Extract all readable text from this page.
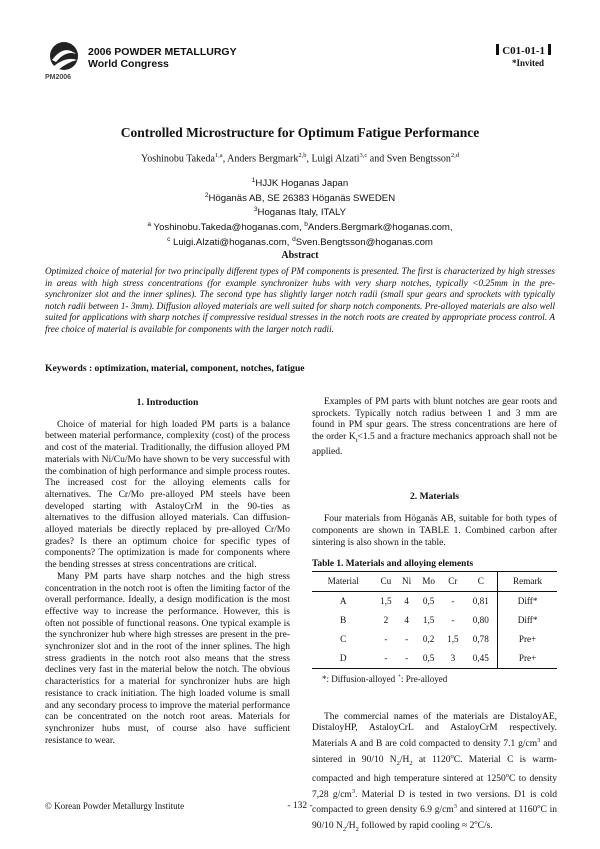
PM2006
2006 POWDER METALLURGY
World Congress
C01-01-1
*Invited
Controlled Microstructure for Optimum Fatigue Performance
Yoshinobu Takeda$^{1,a}$, Anders Bergmark$^{2,b}$, Luigi Alzati$^{3,c}$ and Sven Bengtsson$^{2,d}$
$^1$HJJK Hoganas Japan
$^2$Höganäs AB, SE 26383 Höganäs SWEDEN
$^3$Hoganas Italy, ITALY
$^a$ Yoshinobu.Takeda@hoganas.com, $^b$Anders.Bergmark@hoganas.com,
$^c$ Luigi.Alzati@hoganas.com, $^d$Sven.Bengtsson@hoganas.com
Abstract
Optimized choice of material for two principally different types of PM components is presented. The first is characterized by high stresses in areas with high stress concentrations (for example synchronizer hubs with very sharp notches, typically <0.25mm in the pre-synchronizer slot and the inner splines). The second type has slightly larger notch radii (small spur gears and sprockets with typically notch radii between 1- 3mm). Diffusion alloyed materials are well suited for sharp notch components. Pre-alloyed materials are also well suited for applications with sharp notches if compressive residual stresses in the notch roots are created by appropriate process control. A free choice of material is available for components with the larger notch radii.
Keywords : optimization, material, component, notches, fatigue
1. Introduction

Choice of material for high loaded PM parts is a balance between material performance, complexity (cost) of the process and cost of the material. Traditionally, the diffusion alloyed PM materials with Ni/Cu/Mo have shown to be very successful with the combination of high performance and simple process routes. The increased cost for the alloying elements calls for alternatives. The Cr/Mo pre-alloyed PM steels have been developed starting with AstaloyCrM in the 90-ties as alternatives to the diffusion alloyed materials. Can diffusion-alloyed materials be directly replaced by pre-alloyed Cr/Mo grades? Is there an optimum choice for specific types of components? The optimization is made for components where the bending stresses at stress concentrations are critical.

Many PM parts have sharp notches and the high stress concentration in the notch root is often the limiting factor of the overall performance. Ideally, a design modification is the most effective way to increase the performance. However, this is often not possible of functional reasons. One typical example is the synchronizer hub where high stresses are present in the pre-synchronizer slot and in the root of the inner splines. The high stress gradients in the notch root also means that the stress declines very fast in the material below the notch. The obvious characteristics for a material for synchronizer hubs are high resistance to crack initiation. The high loaded volume is small and any secondary process to improve the material performance can be concentrated on the notch root areas. Materials for synchronizer hubs must, of course also have sufficient resistance to wear.

Examples of PM parts with blunt notches are gear roots and sprockets. Typically notch radius between 1 and 3 mm are found in PM spur gears. The stress concentrations are here of the order $K_t<1.5$ and a fracture mechanics approach shall not be applied.

2. Materials

Four materials from Höganäs AB, suitable for both types of components are shown in TABLE 1. Combined carbon after sintering is also shown in the table.

Table 1. Materials and alloying elements
Material	Cu	Ni	Mo	Cr	C	Remark
A	1,5	4	0,5	-	0,81	Diff*
B	2	4	1,5	-	0,80	Diff*
C	-	-	0,2	1,5	0,78	Pre+
D	-	-	0,5	3	0,45	Pre+
*: Diffusion-alloyed +: Pre-alloyed

The commercial names of the materials are DistaloyAE, DistaloyHP, AstaloyCrL and AstaloyCrM respectively. Materials A and B are cold compacted to density 7.1 $g/cm^3$ and sintered in 90/10 $N_2/H_2$ at 1120$^o$C. Material C is warm-compacted and high temperature sintered at 1250$^o$C to density 7,28 $g/cm^3$. Material D is tested in two versions. D1 is cold compacted to green density 6.9 $g/cm^3$ and sintered at 1160$^o$C in 90/10 $N_2/H_2$ followed by rapid cooling ≈ $2^oC/s$.

© Korean Powder Metallurgy Institute	- 132 -
